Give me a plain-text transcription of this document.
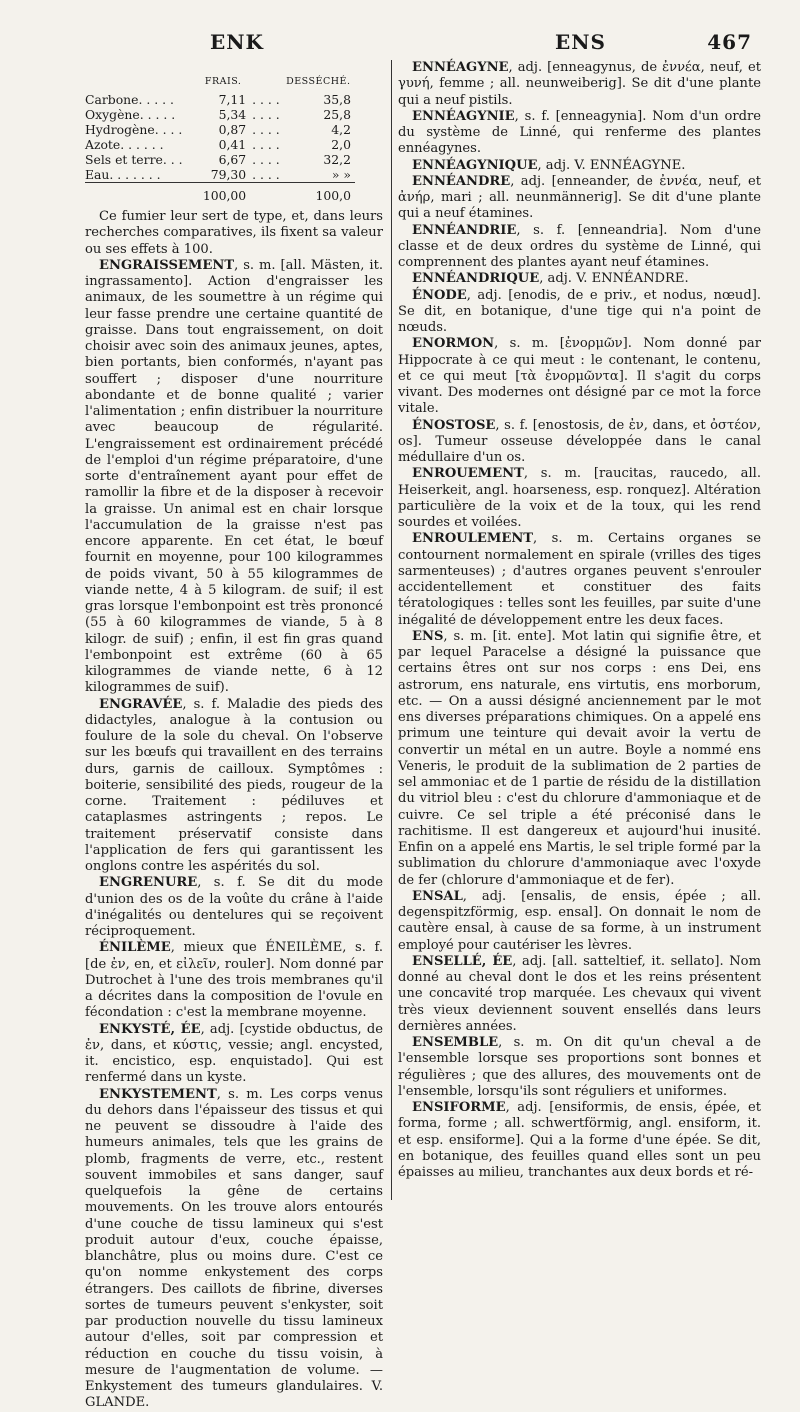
ENK	ENS	467
	FRAIS.		DESSÉCHÉ.
Carbone. . . . .	7,11	. . . .	35,8
Oxygène. . . . .	5,34	. . . .	25,8
Hydrogène. . . .	0,87	. . . .	4,2
Azote. . . . . .	0,41	. . . .	2,0
Sels et terre. . .	6,67	. . . .	32,2
Eau. . . . . . .	79,30	. . . .	» »
	100,00		100,0

Ce fumier leur sert de type, et, dans leurs recherches comparatives, ils fixent sa valeur ou ses effets à 100.

ENGRAISSEMENT, s. m. [all. Mästen, it. ingrassamento]. Action d'engraisser les animaux, de les soumettre à un régime qui leur fasse prendre une certaine quantité de graisse. Dans tout engraissement, on doit choisir avec soin des animaux jeunes, aptes, bien portants, bien conformés, n'ayant pas souffert ; disposer d'une nourriture abondante et de bonne qualité ; varier l'alimentation ; enfin distribuer la nourriture avec beaucoup de régularité. L'engraissement est ordinairement précédé de l'emploi d'un régime préparatoire, d'une sorte d'entraînement ayant pour effet de ramollir la fibre et de la disposer à recevoir la graisse. Un animal est en chair lorsque l'accumulation de la graisse n'est pas encore apparente. En cet état, le bœuf fournit en moyenne, pour 100 kilogrammes de poids vivant, 50 à 55 kilogrammes de viande nette, 4 à 5 kilogram. de suif; il est gras lorsque l'embonpoint est très prononcé (55 à 60 kilogrammes de viande, 5 à 8 kilogr. de suif) ; enfin, il est fin gras quand l'embonpoint est extrême (60 à 65 kilogrammes de viande nette, 6 à 12 kilogrammes de suif).

ENGRAVÉE, s. f. Maladie des pieds des didactyles, analogue à la contusion ou foulure de la sole du cheval. On l'observe sur les bœufs qui travaillent en des terrains durs, garnis de cailloux. Symptômes : boiterie, sensibilité des pieds, rougeur de la corne. Traitement : pédiluves et cataplasmes astringents ; repos. Le traitement préservatif consiste dans l'application de fers qui garantissent les onglons contre les aspérités du sol.

ENGRENURE, s. f. Se dit du mode d'union des os de la voûte du crâne à l'aide d'inégalités ou dentelures qui se reçoivent réciproquement.

ÉNILÈME, mieux que ÉNEILÈME, s. f. [de ἐν, en, et εἰλεῖν, rouler]. Nom donné par Dutrochet à l'une des trois membranes qu'il a décrites dans la composition de l'ovule en fécondation : c'est la membrane moyenne.

ENKYSTÉ, ÉE, adj. [cystide obductus, de ἐν, dans, et κύστις, vessie; angl. encysted, it. encistico, esp. enquistado]. Qui est renfermé dans un kyste.

ENKYSTEMENT, s. m. Les corps venus du dehors dans l'épaisseur des tissus et qui ne peuvent se dissoudre à l'aide des humeurs animales, tels que les grains de plomb, fragments de verre, etc., restent souvent immobiles et sans danger, sauf quelquefois la gêne de certains mouvements. On les trouve alors entourés d'une couche de tissu lamineux qui s'est produit autour d'eux, couche épaisse, blanchâtre, plus ou moins dure. C'est ce qu'on nomme enkystement des corps étrangers. Des caillots de fibrine, diverses sortes de tumeurs peuvent s'enkyster, soit par production nouvelle du tissu lamineux autour d'elles, soit par compression et réduction en couche du tissu voisin, à mesure de l'augmentation de volume. — Enkystement des tumeurs glandulaires. V. GLANDE.

ENNÉAGYNE, adj. [enneagynus, de ἐννέα, neuf, et γυνή, femme ; all. neunweiberig]. Se dit d'une plante qui a neuf pistils.

ENNÉAGYNIE, s. f. [enneagynia]. Nom d'un ordre du système de Linné, qui renferme des plantes ennéagynes.

ENNÉAGYNIQUE, adj. V. ENNÉAGYNE.

ENNÉANDRE, adj. [enneander, de ἐννέα, neuf, et ἀνήρ, mari ; all. neunmännerig]. Se dit d'une plante qui a neuf étamines.

ENNÉANDRIE, s. f. [enneandria]. Nom d'une classe et de deux ordres du système de Linné, qui comprennent des plantes ayant neuf étamines.

ENNÉANDRIQUE, adj. V. ENNÉANDRE.

ÉNODE, adj. [enodis, de e priv., et nodus, nœud]. Se dit, en botanique, d'une tige qui n'a point de nœuds.

ENORMON, s. m. [ἐνορμῶν]. Nom donné par Hippocrate à ce qui meut : le contenant, le contenu, et ce qui meut [τὰ ἐνορμῶντα]. Il s'agit du corps vivant. Des modernes ont désigné par ce mot la force vitale.

ÉNOSTOSE, s. f. [enostosis, de ἐν, dans, et ὀστέον, os]. Tumeur osseuse développée dans le canal médullaire d'un os.

ENROUEMENT, s. m. [raucitas, raucedo, all. Heiserkeit, angl. hoarseness, esp. ronquez]. Altération particulière de la voix et de la toux, qui les rend sourdes et voilées.

ENROULEMENT, s. m. Certains organes se contournent normalement en spirale (vrilles des tiges sarmenteuses) ; d'autres organes peuvent s'enrouler accidentellement et constituer des faits tératologiques : telles sont les feuilles, par suite d'une inégalité de développement entre les deux faces.

ENS, s. m. [it. ente]. Mot latin qui signifie être, et par lequel Paracelse a désigné la puissance que certains êtres ont sur nos corps : ens Dei, ens astrorum, ens naturale, ens virtutis, ens morborum, etc. — On a aussi désigné anciennement par le mot ens diverses préparations chimiques. On a appelé ens primum une teinture qui devait avoir la vertu de convertir un métal en un autre. Boyle a nommé ens Veneris, le produit de la sublimation de 2 parties de sel ammoniac et de 1 partie de résidu de la distillation du vitriol bleu : c'est du chlorure d'ammoniaque et de cuivre. Ce sel triple a été préconisé dans le rachitisme. Il est dangereux et aujourd'hui inusité. Enfin on a appelé ens Martis, le sel triple formé par la sublimation du chlorure d'ammoniaque avec l'oxyde de fer (chlorure d'ammoniaque et de fer).

ENSAL, adj. [ensalis, de ensis, épée ; all. degenspitzförmig, esp. ensal]. On donnait le nom de cautère ensal, à cause de sa forme, à un instrument employé pour cautériser les lèvres.

ENSELLÉ, ÉE, adj. [all. satteltief, it. sellato]. Nom donné au cheval dont le dos et les reins présentent une concavité trop marquée. Les chevaux qui vivent très vieux deviennent souvent ensellés dans leurs dernières années.

ENSEMBLE, s. m. On dit qu'un cheval a de l'ensemble lorsque ses proportions sont bonnes et régulières ; que des allures, des mouvements ont de l'ensemble, lorsqu'ils sont réguliers et uniformes.

ENSIFORME, adj. [ensiformis, de ensis, épée, et forma, forme ; all. schwertförmig, angl. ensiform, it. et esp. ensiforme]. Qui a la forme d'une épée. Se dit, en botanique, des feuilles quand elles sont un peu épaisses au milieu, tranchantes aux deux bords et ré-
